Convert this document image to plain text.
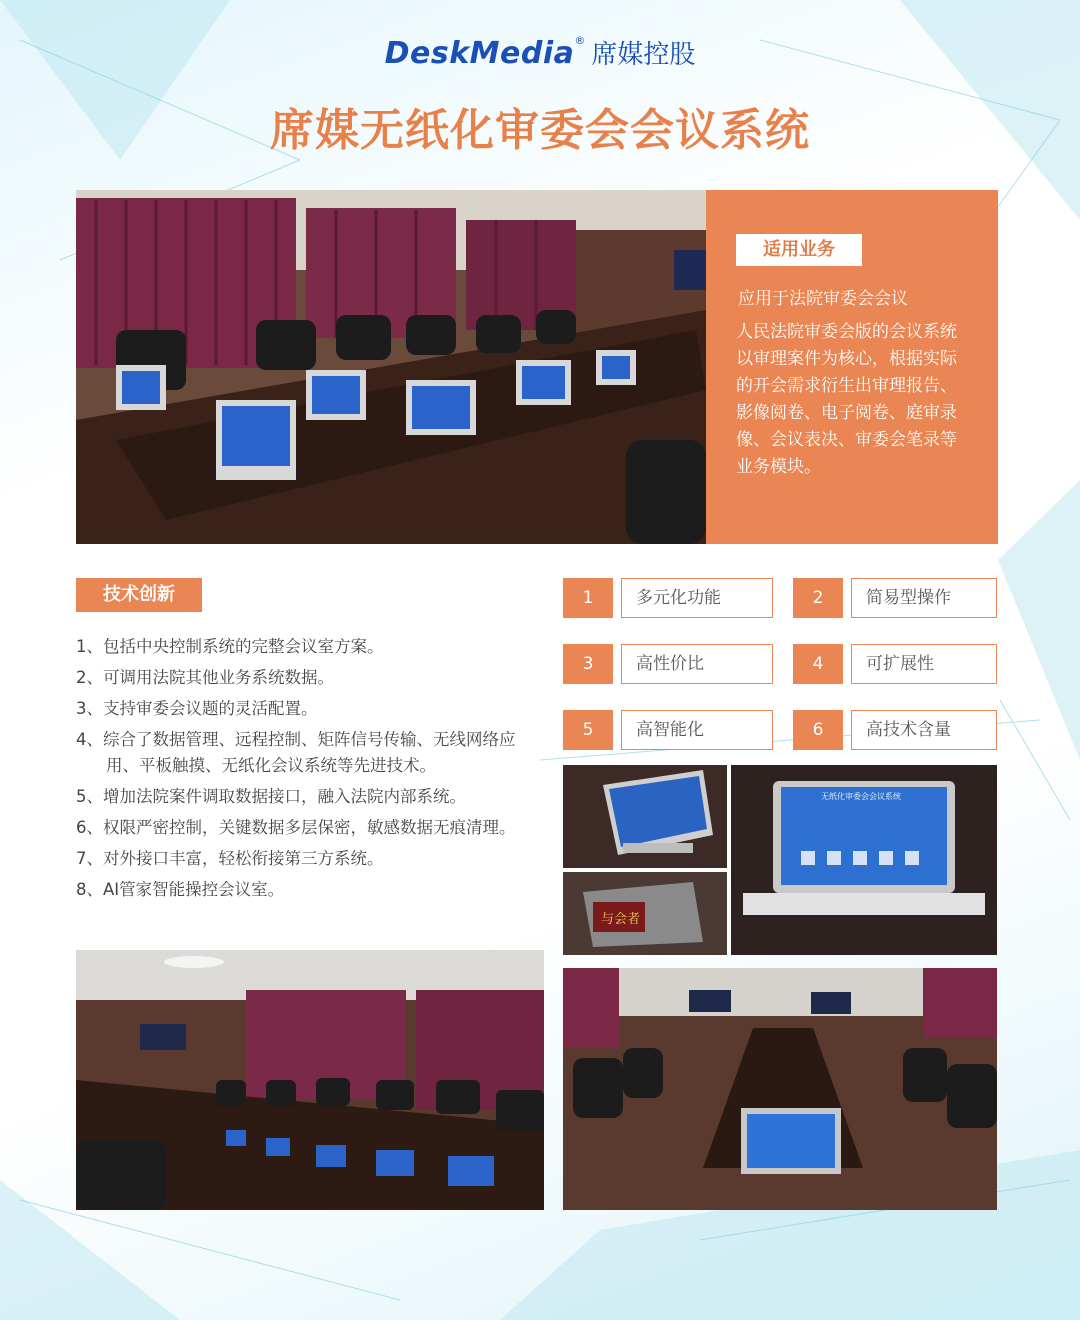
DeskMedia® 席媒控股
席媒无纸化审委会会议系统
适用业务
应用于法院审委会会议
人民法院审委会版的会议系统以审理案件为核心，根据实际的开会需求衍生出审理报告、影像阅卷、电子阅卷、庭审录像、会议表决、审委会笔录等业务模块。
技术创新
1、包括中央控制系统的完整会议室方案。
2、可调用法院其他业务系统数据。
3、支持审委会议题的灵活配置。
4、综合了数据管理、远程控制、矩阵信号传输、无线网络应用、平板触摸、无纸化会议系统等先进技术。
5、增加法院案件调取数据接口，融入法院内部系统。
6、权限严密控制，关键数据多层保密，敏感数据无痕清理。
7、对外接口丰富，轻松衔接第三方系统。
8、AI管家智能操控会议室。
1	多元化功能	2	简易型操作
3	高性价比	4	可扩展性
5	高智能化	6	高技术含量
与会者
无纸化审委会会议系统
